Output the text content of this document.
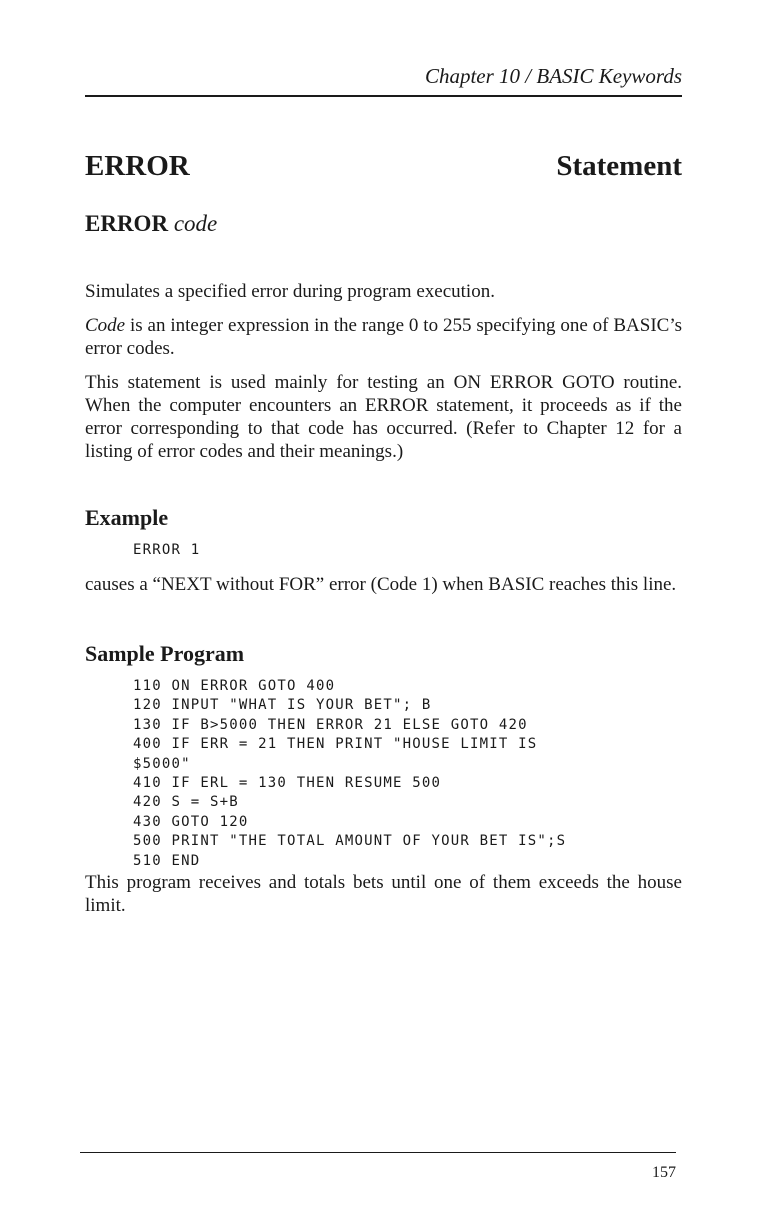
Chapter 10 / BASIC Keywords
ERROR	Statement
ERROR code

Simulates a specified error during program execution.

Code is an integer expression in the range 0 to 255 specifying one of BASIC’s error codes.

This statement is used mainly for testing an ON ERROR GOTO routine. When the computer encounters an ERROR statement, it proceeds as if the error corresponding to that code has occurred. (Refer to Chapter 12 for a listing of error codes and their meanings.)

Example
ERROR 1

causes a “NEXT without FOR” error (Code 1) when BASIC reaches this line.

Sample Program
110 ON ERROR GOTO 400
120 INPUT "WHAT IS YOUR BET"; B
130 IF B>5000 THEN ERROR 21 ELSE GOTO 420
400 IF ERR = 21 THEN PRINT "HOUSE LIMIT IS
$5000"
410 IF ERL = 130 THEN RESUME 500
420 S = S+B
430 GOTO 120
500 PRINT "THE TOTAL AMOUNT OF YOUR BET IS";S
510 END

This program receives and totals bets until one of them exceeds the house limit.

157
